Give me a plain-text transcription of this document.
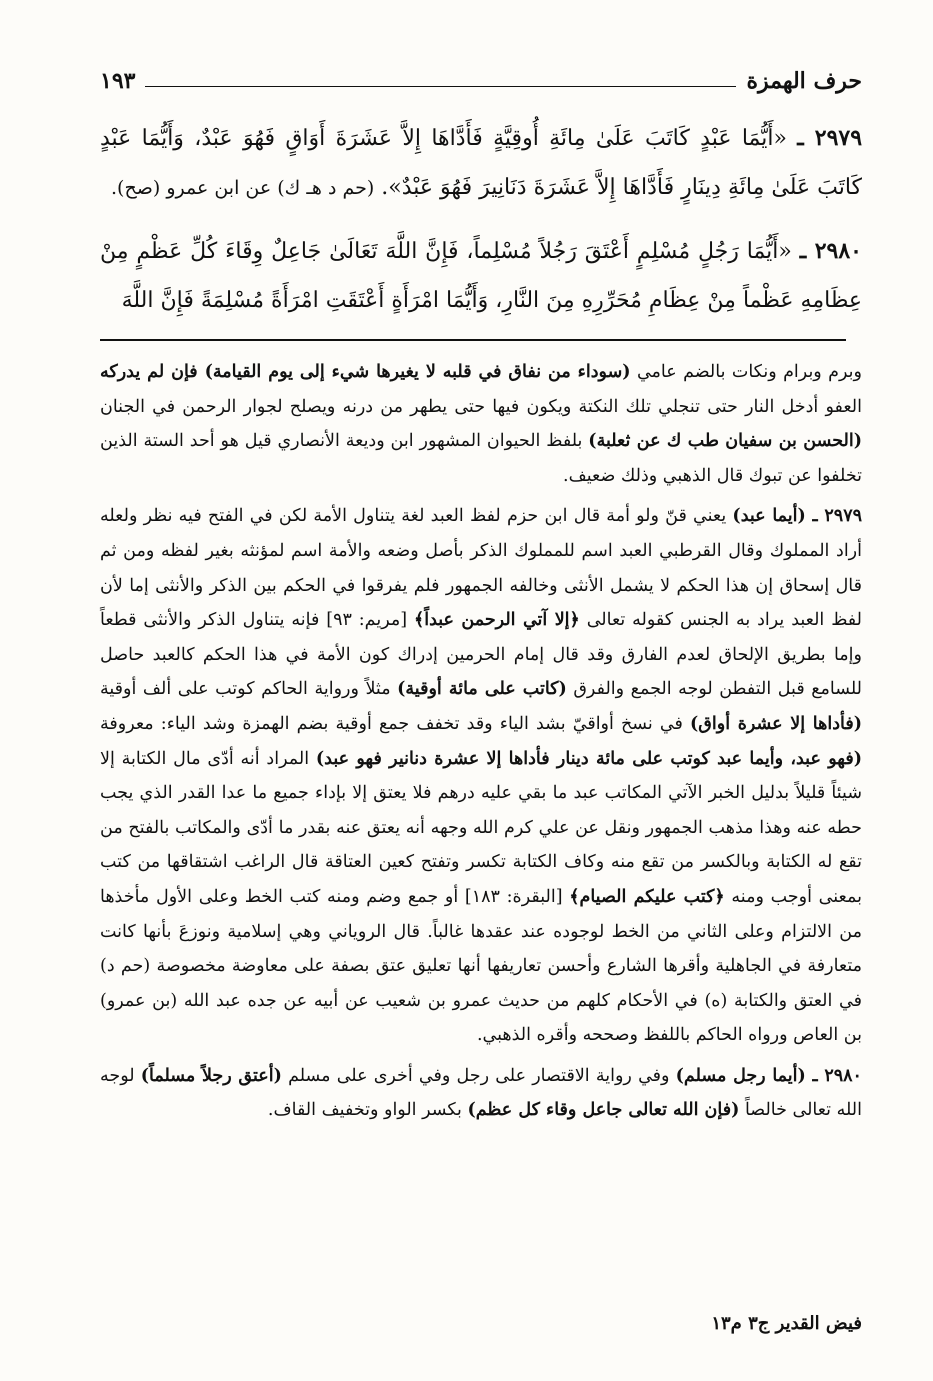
حرف الهمزة
١٩٣

٢٩٧٩ ـ «أَيُّمَا عَبْدٍ كَاتَبَ عَلَىٰ مِائَةِ أُوقِيَّةٍ فَأَدَّاهَا إِلاَّ عَشَرَةَ أَوَاقٍ فَهُوَ عَبْدٌ، وَأَيُّمَا عَبْدٍ كَاتَبَ عَلَىٰ مِائَةِ دِينَارٍ فَأَدَّاهَا إِلاَّ عَشَرَةَ دَنَانِيرَ فَهُوَ عَبْدٌ». (حم د هـ ك) عن ابن عمرو (صح).

٢٩٨٠ ـ «أَيُّمَا رَجُلٍ مُسْلِمٍ أَعْتَقَ رَجُلاً مُسْلِماً، فَإِنَّ اللَّهَ تَعَالَىٰ جَاعِلٌ وِقَاءَ كُلِّ عَظْمٍ مِنْ عِظَامِهِ عَظْماً مِنْ عِظَامِ مُحَرِّرِهِ مِنَ النَّارِ، وَأَيُّمَا امْرَأَةٍ أَعْتَقَتِ امْرَأَةً مُسْلِمَةً فَإِنَّ اللَّهَ

وبرم وبرام ونكات بالضم عامي (سوداء من نفاق في قلبه لا يغيرها شيء إلى يوم القيامة) فإن لم يدركه العفو أدخل النار حتى تنجلي تلك النكتة ويكون فيها حتى يطهر من درنه ويصلح لجوار الرحمن في الجنان (الحسن بن سفيان طب ك عن ثعلبة) بلفظ الحيوان المشهور ابن وديعة الأنصاري قيل هو أحد الستة الذين تخلفوا عن تبوك قال الذهبي وذلك ضعيف.

٢٩٧٩ ـ (أيما عبد) يعني قنّ ولو أمة قال ابن حزم لفظ العبد لغة يتناول الأمة لكن في الفتح فيه نظر ولعله أراد المملوك وقال القرطبي العبد اسم للمملوك الذكر بأصل وضعه والأمة اسم لمؤنثه بغير لفظه ومن ثم قال إسحاق إن هذا الحكم لا يشمل الأنثى وخالفه الجمهور فلم يفرقوا في الحكم بين الذكر والأنثى إما لأن لفظ العبد يراد به الجنس كقوله تعالى ﴿إلا آتي الرحمن عبداً﴾ [مريم: ٩٣] فإنه يتناول الذكر والأنثى قطعاً وإما بطريق الإلحاق لعدم الفارق وقد قال إمام الحرمين إدراك كون الأمة في هذا الحكم كالعبد حاصل للسامع قبل التفطن لوجه الجمع والفرق (كاتب على مائة أوقية) مثلاً ورواية الحاكم كوتب على ألف أوقية (فأداها إلا عشرة أواق) في نسخ أواقيّ بشد الياء وقد تخفف جمع أوقية بضم الهمزة وشد الياء: معروفة (فهو عبد، وأيما عبد كوتب على مائة دينار فأداها إلا عشرة دنانير فهو عبد) المراد أنه أدّى مال الكتابة إلا شيئاً قليلاً بدليل الخبر الآتي المكاتب عبد ما بقي عليه درهم فلا يعتق إلا بإداء جميع ما عدا القدر الذي يجب حطه عنه وهذا مذهب الجمهور ونقل عن علي كرم الله وجهه أنه يعتق عنه بقدر ما أدّى والمكاتب بالفتح من تقع له الكتابة وبالكسر من تقع منه وكاف الكتابة تكسر وتفتح كعين العتاقة قال الراغب اشتقاقها من كتب بمعنى أوجب ومنه ﴿كتب عليكم الصيام﴾ [البقرة: ١٨٣] أو جمع وضم ومنه كتب الخط وعلى الأول مأخذها من الالتزام وعلى الثاني من الخط لوجوده عند عقدها غالباً. قال الروياني وهي إسلامية ونوزعَ بأنها كانت متعارفة في الجاهلية وأقرها الشارع وأحسن تعاريفها أنها تعليق عتق بصفة على معاوضة مخصوصة (حم د) في العتق والكتابة (ه) في الأحكام كلهم من حديث عمرو بن شعيب عن أبيه عن جده عبد الله (بن عمرو) بن العاص ورواه الحاكم باللفظ وصححه وأقره الذهبي.

٢٩٨٠ ـ (أيما رجل مسلم) وفي رواية الاقتصار على رجل وفي أخرى على مسلم (أعتق رجلاً مسلماً) لوجه الله تعالى خالصاً (فإن الله تعالى جاعل وقاء كل عظم) بكسر الواو وتخفيف القاف.

فيض القدير ج٣ م١٣
